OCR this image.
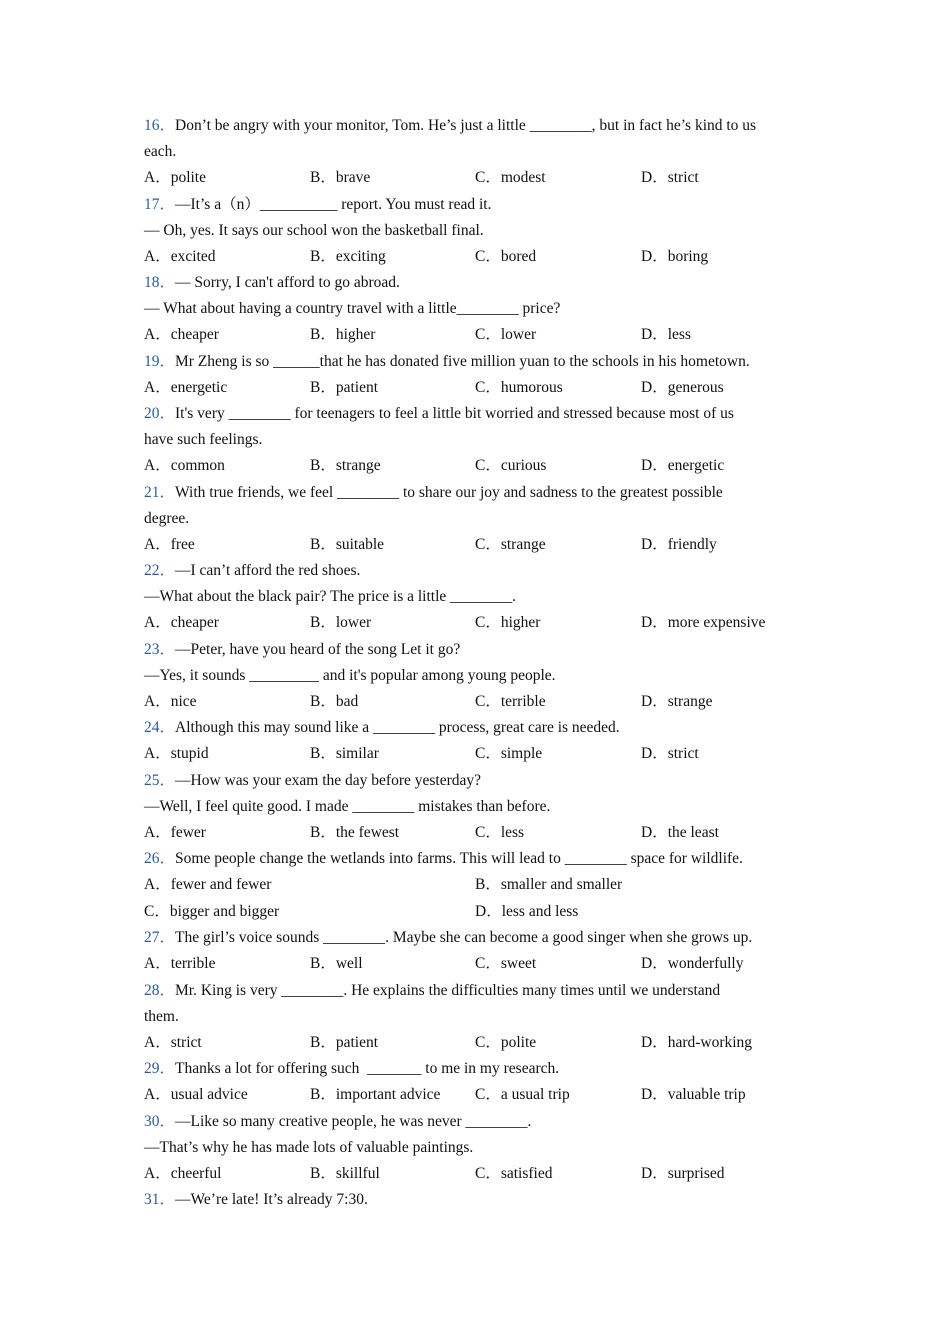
16．Don’t be angry with your monitor, Tom. He’s just a little ________, but in fact he’s kind to us
each.
A．polite	B．brave	C．modest	D．strict
17．—It’s a（n）__________ report. You must read it.
— Oh, yes. It says our school won the basketball final.
A．excited	B．exciting	C．bored	D．boring
18．— Sorry, I can't afford to go abroad.
— What about having a country travel with a little________ price?
A．cheaper	B．higher	C．lower	D．less
19．Mr Zheng is so ______that he has donated five million yuan to the schools in his hometown.
A．energetic	B．patient	C．humorous	D．generous
20．It's very ________ for teenagers to feel a little bit worried and stressed because most of us
have such feelings.
A．common	B．strange	C．curious	D．energetic
21．With true friends, we feel ________ to share our joy and sadness to the greatest possible
degree.
A．free	B．suitable	C．strange	D．friendly
22．—I can’t afford the red shoes.
—What about the black pair? The price is a little ________.
A．cheaper	B．lower	C．higher	D．more expensive
23．—Peter, have you heard of the song Let it go?
—Yes, it sounds _________ and it's popular among young people.
A．nice	B．bad	C．terrible	D．strange
24．Although this may sound like a ________ process, great care is needed.
A．stupid	B．similar	C．simple	D．strict
25．—How was your exam the day before yesterday?
—Well, I feel quite good. I made ________ mistakes than before.
A．fewer	B．the fewest	C．less	D．the least
26．Some people change the wetlands into farms. This will lead to ________ space for wildlife.
A．fewer and fewer	B．smaller and smaller
C．bigger and bigger	D．less and less
27．The girl’s voice sounds ________. Maybe she can become a good singer when she grows up.
A．terrible	B．well	C．sweet	D．wonderfully
28．Mr. King is very ________. He explains the difficulties many times until we understand
them.
A．strict	B．patient	C．polite	D．hard-working
29．Thanks a lot for offering such  _______ to me in my research.
A．usual advice	B．important advice C．a usual trip	D．valuable trip
30．—Like so many creative people, he was never ________.
—That’s why he has made lots of valuable paintings.
A．cheerful	B．skillful	C．satisfied	D．surprised
31．—We’re late! It’s already 7:30.
